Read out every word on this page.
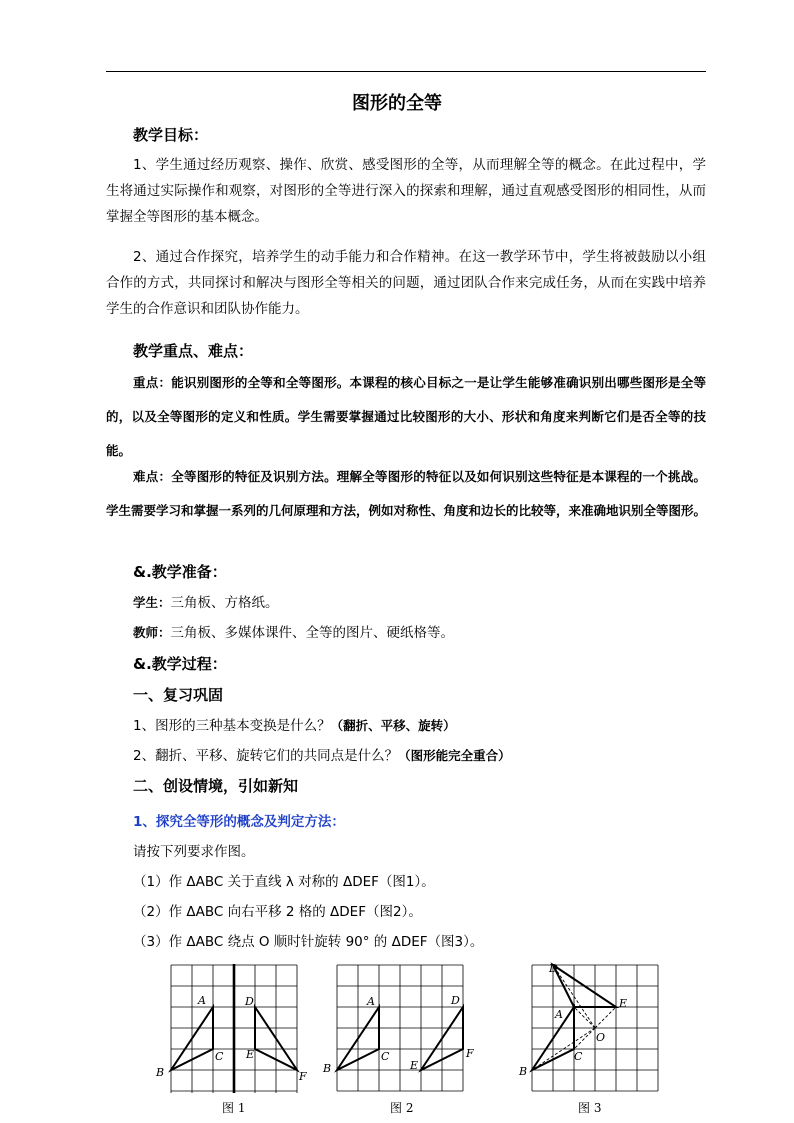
图形的全等
教学目标：
1、学生通过经历观察、操作、欣赏、感受图形的全等，从而理解全等的概念。在此过程中，学生将通过实际操作和观察，对图形的全等进行深入的探索和理解，通过直观感受图形的相同性，从而掌握全等图形的基本概念。
2、通过合作探究，培养学生的动手能力和合作精神。在这一教学环节中，学生将被鼓励以小组合作的方式，共同探讨和解决与图形全等相关的问题，通过团队合作来完成任务，从而在实践中培养学生的合作意识和团队协作能力。
教学重点、难点：
重点：能识别图形的全等和全等图形。本课程的核心目标之一是让学生能够准确识别出哪些图形是全等的，以及全等图形的定义和性质。学生需要掌握通过比较图形的大小、形状和角度来判断它们是否全等的技能。
难点：全等图形的特征及识别方法。理解全等图形的特征以及如何识别这些特征是本课程的一个挑战。学生需要学习和掌握一系列的几何原理和方法，例如对称性、角度和边长的比较等，来准确地识别全等图形。
&.教学准备：
学生：三角板、方格纸。
教师：三角板、多媒体课件、全等的图片、硬纸格等。
&.教学过程：
一、复习巩固
1、图形的三种基本变换是什么？（翻折、平移、旋转）
2、翻折、平移、旋转它们的共同点是什么？（图形能完全重合）
二、创设情境，引如新知
1、探究全等形的概念及判定方法：
请按下列要求作图。
（1）作 ΔABC 关于直线 λ 对称的 ΔDEF（图1）。
（2）作 ΔABC 向右平移 2 格的 ΔDEF（图2）。
（3）作 ΔABC 绕点 O 顺时针旋转 90° 的 ΔDEF（图3）。
A
B
C
D
E
F
图 1
A
B
C
D
E
F
图 2
D
E
A
O
C
B
图 3
